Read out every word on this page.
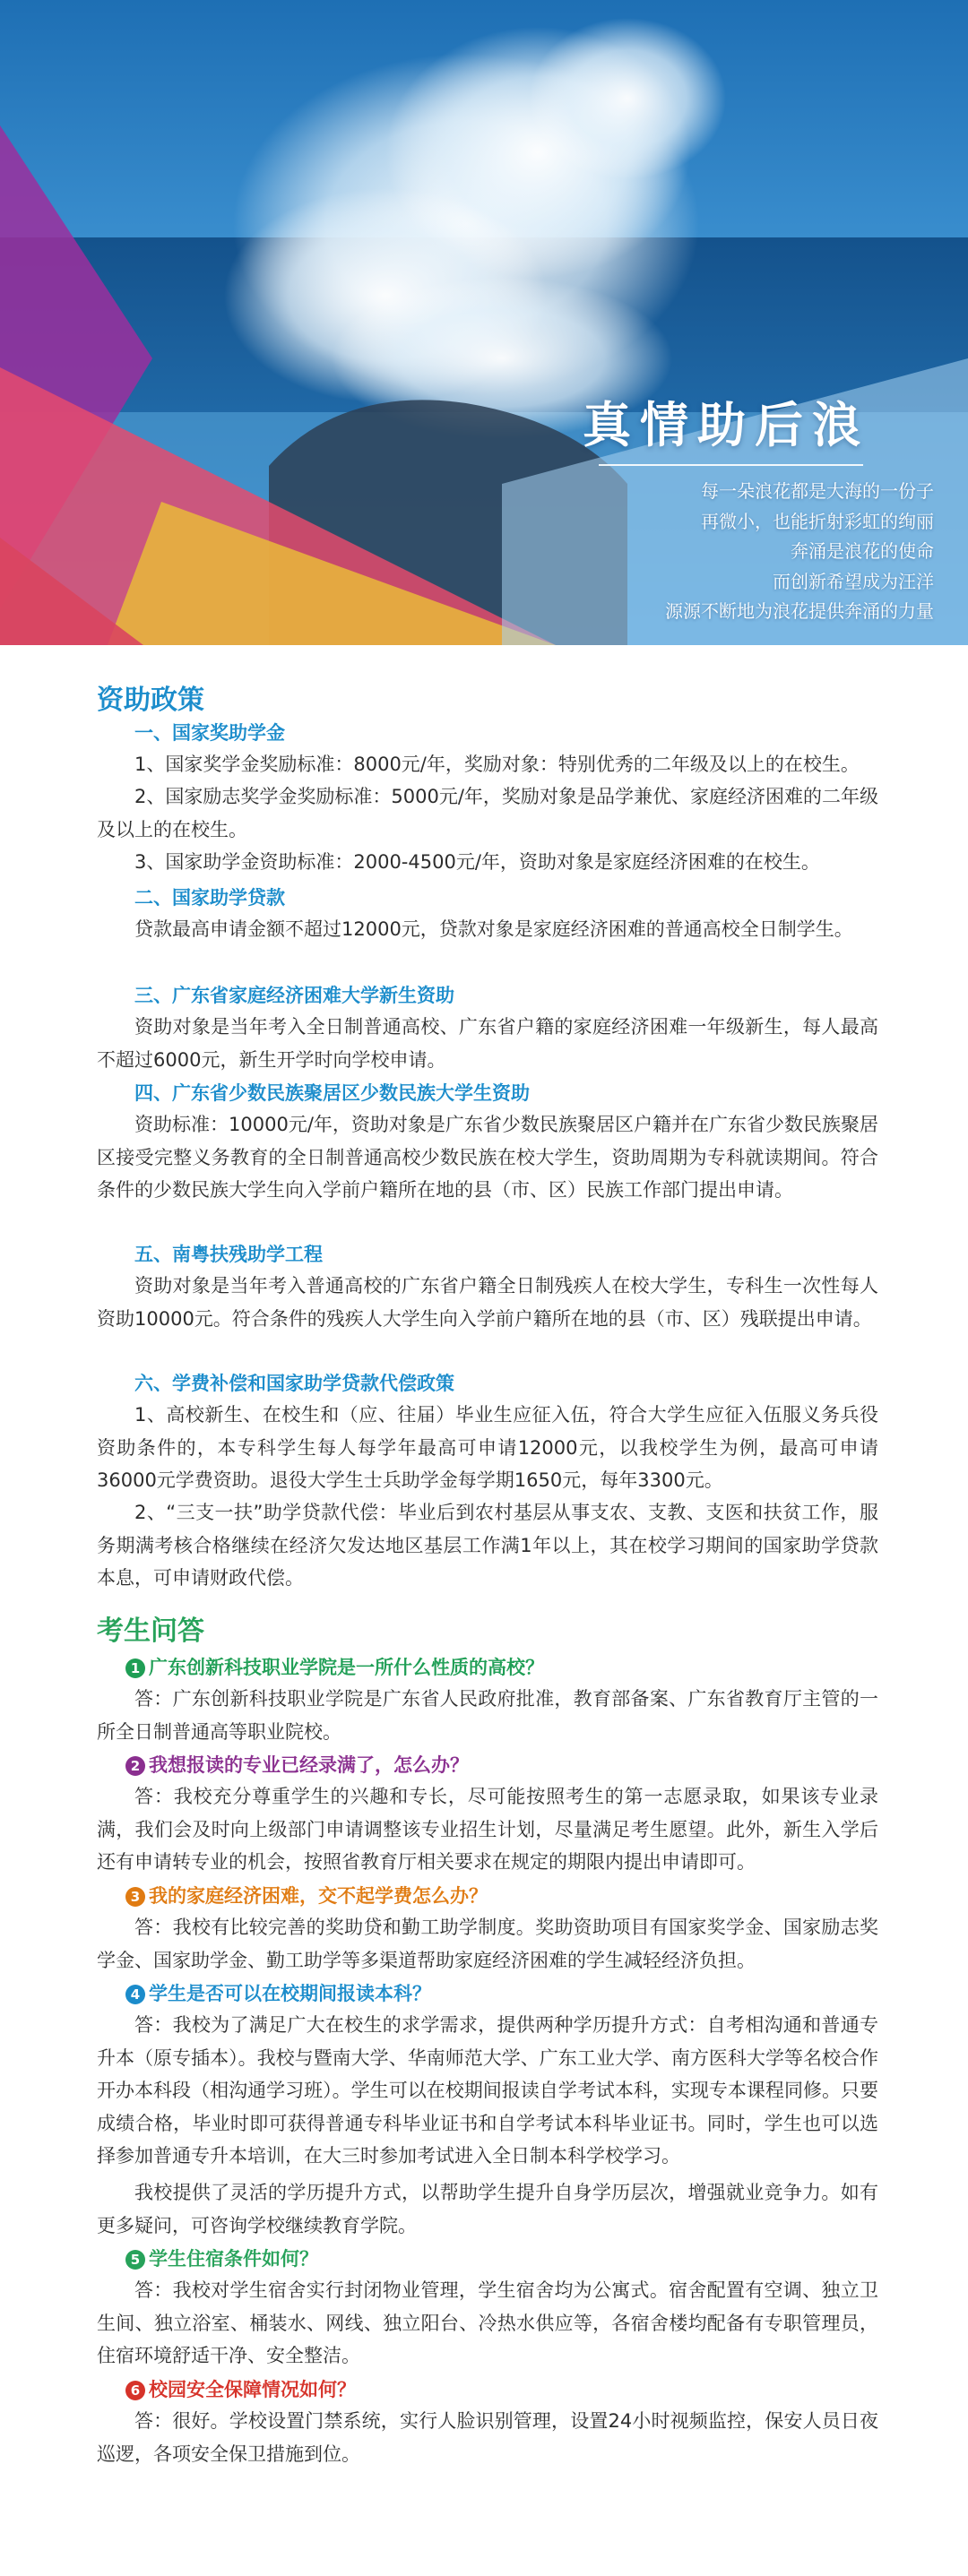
真情助后浪
每一朵浪花都是大海的一份子
再微小，也能折射彩虹的绚丽
奔涌是浪花的使命
而创新希望成为汪洋
源源不断地为浪花提供奔涌的力量
资助政策
一、国家奖助学金

1、国家奖学金奖励标准：8000元/年，奖励对象：特别优秀的二年级及以上的在校生。

2、国家励志奖学金奖励标准：5000元/年，奖励对象是品学兼优、家庭经济困难的二年级及以上的在校生。

3、国家助学金资助标准：2000-4500元/年，资助对象是家庭经济困难的在校生。

二、国家助学贷款

贷款最高申请金额不超过12000元，贷款对象是家庭经济困难的普通高校全日制学生。

三、广东省家庭经济困难大学新生资助

资助对象是当年考入全日制普通高校、广东省户籍的家庭经济困难一年级新生，每人最高不超过6000元，新生开学时向学校申请。

四、广东省少数民族聚居区少数民族大学生资助

资助标准：10000元/年，资助对象是广东省少数民族聚居区户籍并在广东省少数民族聚居区接受完整义务教育的全日制普通高校少数民族在校大学生，资助周期为专科就读期间。符合条件的少数民族大学生向入学前户籍所在地的县（市、区）民族工作部门提出申请。

五、南粤扶残助学工程

资助对象是当年考入普通高校的广东省户籍全日制残疾人在校大学生，专科生一次性每人资助10000元。符合条件的残疾人大学生向入学前户籍所在地的县（市、区）残联提出申请。

六、学费补偿和国家助学贷款代偿政策

1、高校新生、在校生和（应、往届）毕业生应征入伍，符合大学生应征入伍服义务兵役资助条件的，本专科学生每人每学年最高可申请12000元，以我校学生为例，最高可申请36000元学费资助。退役大学生士兵助学金每学期1650元，每年3300元。

2、“三支一扶”助学贷款代偿：毕业后到农村基层从事支农、支教、支医和扶贫工作，服务期满考核合格继续在经济欠发达地区基层工作满1年以上，其在校学习期间的国家助学贷款本息，可申请财政代偿。

考生问答
1 广东创新科技职业学院是一所什么性质的高校？

答：广东创新科技职业学院是广东省人民政府批准，教育部备案、广东省教育厅主管的一所全日制普通高等职业院校。

2 我想报读的专业已经录满了，怎么办？

答：我校充分尊重学生的兴趣和专长，尽可能按照考生的第一志愿录取，如果该专业录满，我们会及时向上级部门申请调整该专业招生计划，尽量满足考生愿望。此外，新生入学后还有申请转专业的机会，按照省教育厅相关要求在规定的期限内提出申请即可。

3 我的家庭经济困难，交不起学费怎么办？

答：我校有比较完善的奖助贷和勤工助学制度。奖助资助项目有国家奖学金、国家励志奖学金、国家助学金、勤工助学等多渠道帮助家庭经济困难的学生减轻经济负担。

4 学生是否可以在校期间报读本科？

答：我校为了满足广大在校生的求学需求，提供两种学历提升方式：自考相沟通和普通专升本（原专插本）。我校与暨南大学、华南师范大学、广东工业大学、南方医科大学等名校合作开办本科段（相沟通学习班）。学生可以在校期间报读自学考试本科，实现专本课程同修。只要成绩合格，毕业时即可获得普通专科毕业证书和自学考试本科毕业证书。同时，学生也可以选择参加普通专升本培训，在大三时参加考试进入全日制本科学校学习。

我校提供了灵活的学历提升方式，以帮助学生提升自身学历层次，增强就业竞争力。如有更多疑问，可咨询学校继续教育学院。

5 学生住宿条件如何？

答：我校对学生宿舍实行封闭物业管理，学生宿舍均为公寓式。宿舍配置有空调、独立卫生间、独立浴室、桶装水、网线、独立阳台、冷热水供应等，各宿舍楼均配备有专职管理员，住宿环境舒适干净、安全整洁。

6 校园安全保障情况如何？

答：很好。学校设置门禁系统，实行人脸识别管理，设置24小时视频监控，保安人员日夜巡逻，各项安全保卫措施到位。
